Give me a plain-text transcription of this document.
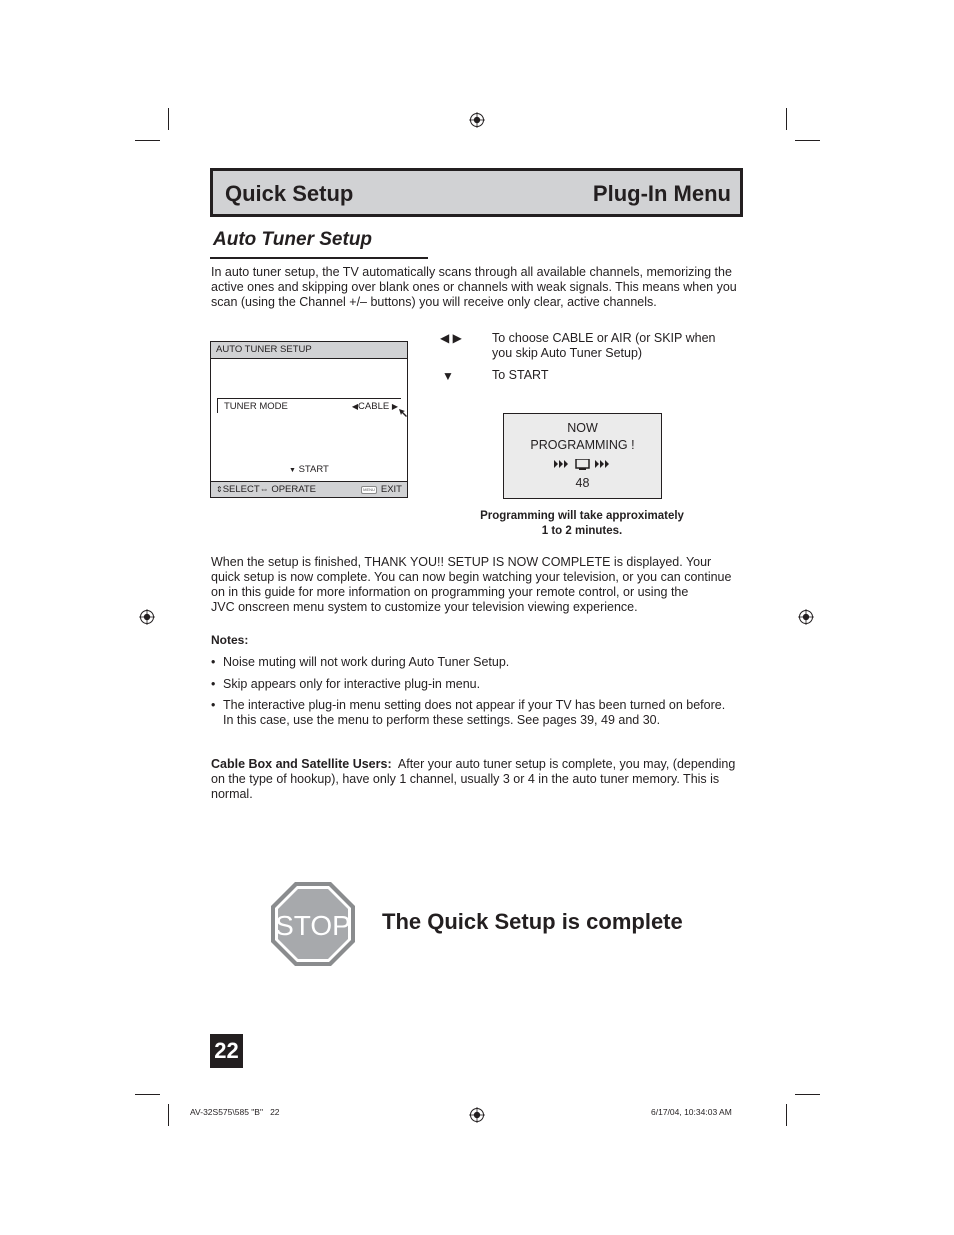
Quick Setup	Plug-In Menu
Auto Tuner Setup
In auto tuner setup, the TV automatically scans through all available channels, memorizing the
active ones and skipping over blank ones or channels with weak signals. This means when you
scan (using the Channel +/– buttons) you will receive only clear, active channels.
AUTO TUNER SETUP
TUNER MODE	◀CABLE ▶
▼ START
⇕SELECT⇔ OPERATE	MENU EXIT
◀ ▶ To choose CABLE or AIR (or SKIP when
you skip Auto Tuner Setup)
▼	To START
NOW
PROGRAMMING !
48
Programming will take approximately
1 to 2 minutes.
When the setup is finished, THANK YOU!! SETUP IS NOW COMPLETE is displayed. Your
quick setup is now complete. You can now begin watching your television, or you can continue
on in this guide for more information on programming your remote control, or using the
JVC onscreen menu system to customize your television viewing experience.
Notes:
• Noise muting will not work during Auto Tuner Setup.
• Skip appears only for interactive plug-in menu.
• The interactive plug-in menu setting does not appear if your TV has been turned on before.
In this case, use the menu to perform these settings. See pages 39, 49 and 30.
Cable Box and Satellite Users:  After your auto tuner setup is complete, you may, (depending
on the type of hookup), have only 1 channel, usually 3 or 4 in the auto tuner memory. This is
normal.
STOP The Quick Setup is complete
22
AV-32S575\585 "B"   22	6/17/04, 10:34:03 AM
